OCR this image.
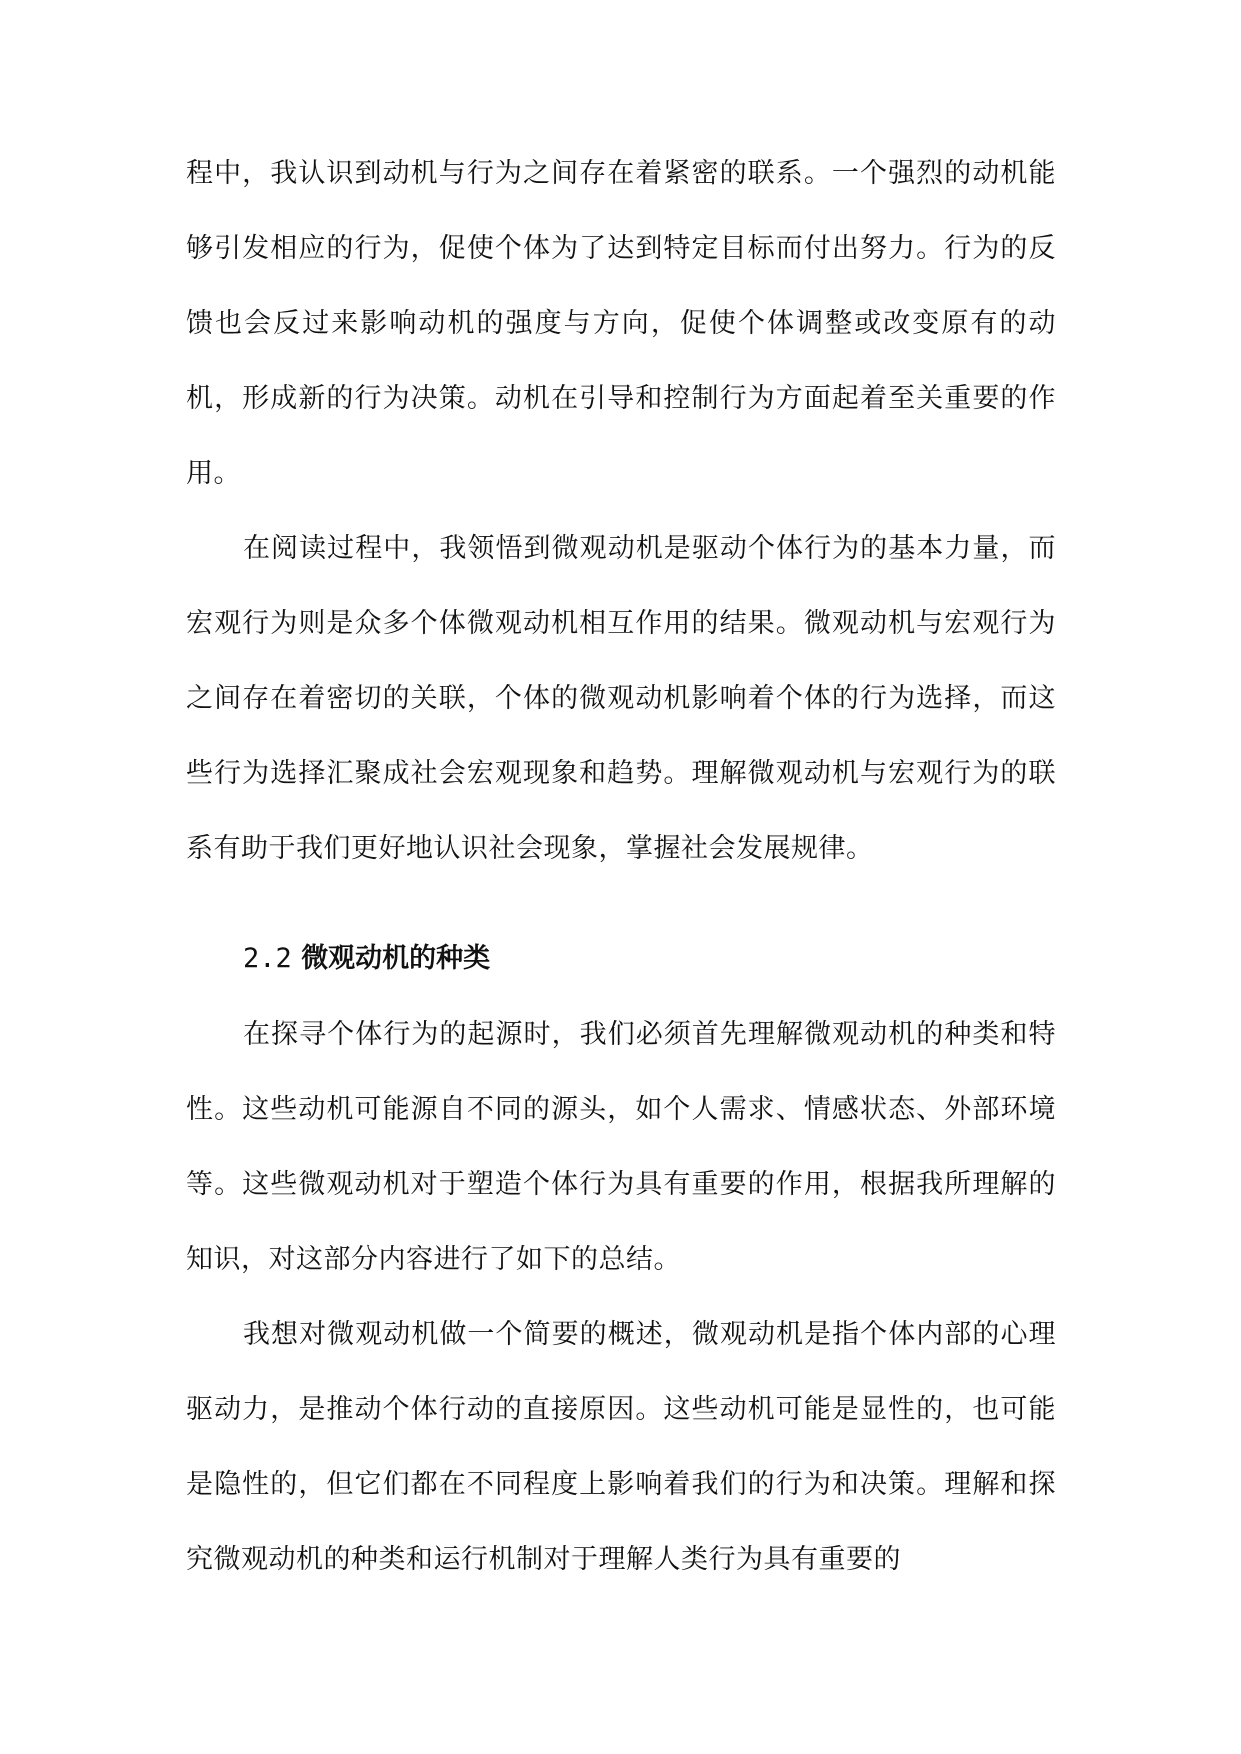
程中，我认识到动机与行为之间存在着紧密的联系。一个强烈的动机能够引发相应的行为，促使个体为了达到特定目标而付出努力。行为的反馈也会反过来影响动机的强度与方向，促使个体调整或改变原有的动机，形成新的行为决策。动机在引导和控制行为方面起着至关重要的作用。

在阅读过程中，我领悟到微观动机是驱动个体行为的基本力量，而宏观行为则是众多个体微观动机相互作用的结果。微观动机与宏观行为之间存在着密切的关联，个体的微观动机影响着个体的行为选择，而这些行为选择汇聚成社会宏观现象和趋势。理解微观动机与宏观行为的联系有助于我们更好地认识社会现象，掌握社会发展规律。

2.2 微观动机的种类

在探寻个体行为的起源时，我们必须首先理解微观动机的种类和特性。这些动机可能源自不同的源头，如个人需求、情感状态、外部环境等。这些微观动机对于塑造个体行为具有重要的作用，根据我所理解的知识，对这部分内容进行了如下的总结。

我想对微观动机做一个简要的概述，微观动机是指个体内部的心理驱动力，是推动个体行动的直接原因。这些动机可能是显性的，也可能是隐性的，但它们都在不同程度上影响着我们的行为和决策。理解和探究微观动机的种类和运行机制对于理解人类行为具有重要的
